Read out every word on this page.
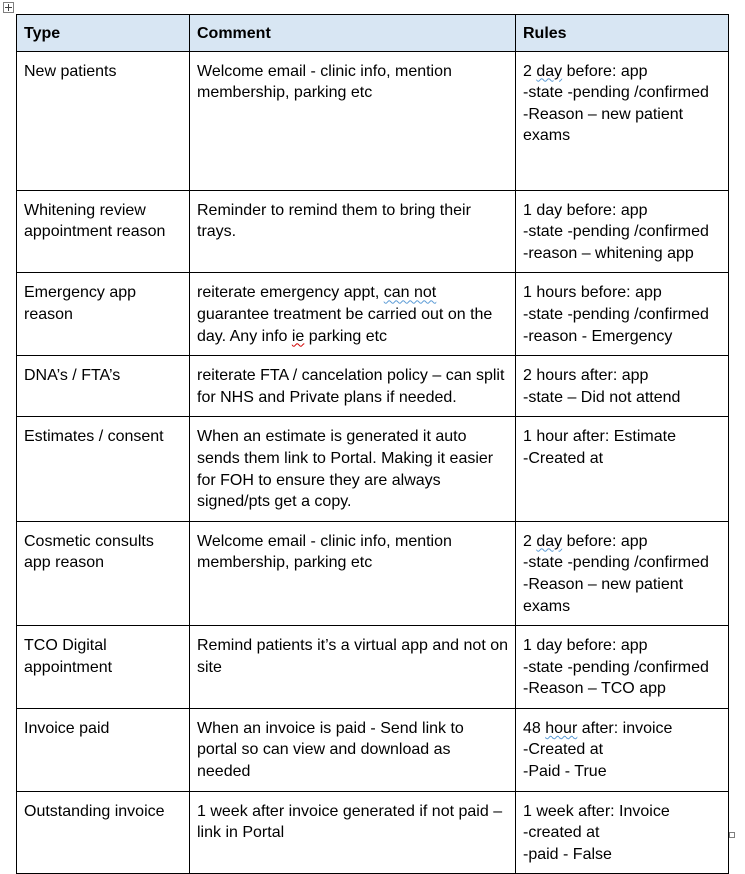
Type	Comment	Rules
New patients	Welcome email - clinic info, mention membership, parking etc	2 day before: app
-state -pending /confirmed
-Reason – new patient exams

Whitening review appointment reason	Reminder to remind them to bring their trays.	1 day before: app
-state -pending /confirmed
-reason – whitening app

Emergency app reason	reiterate emergency appt, can not guarantee treatment be carried out on the day. Any info ie parking etc	1 hours before: app
-state -pending /confirmed
-reason - Emergency

DNA’s / FTA’s	reiterate FTA / cancelation policy – can split for NHS and Private plans if needed.	2 hours after: app
-state – Did not attend

Estimates / consent	When an estimate is generated it auto sends them link to Portal. Making it easier for FOH to ensure they are always signed/pts get a copy.	1 hour after: Estimate
-Created at

Cosmetic consults app reason	Welcome email - clinic info, mention membership, parking etc	2 day before: app
-state -pending /confirmed
-Reason – new patient exams

TCO Digital appointment	Remind patients it’s a virtual app and not on site	1 day before: app
-state -pending /confirmed
-Reason – TCO app

Invoice paid	When an invoice is paid - Send link to portal so can view and download as needed	48 hour after: invoice
-Created at
-Paid - True

Outstanding invoice	1 week after invoice generated if not paid – link in Portal	1 week after: Invoice
-created at
-paid - False
